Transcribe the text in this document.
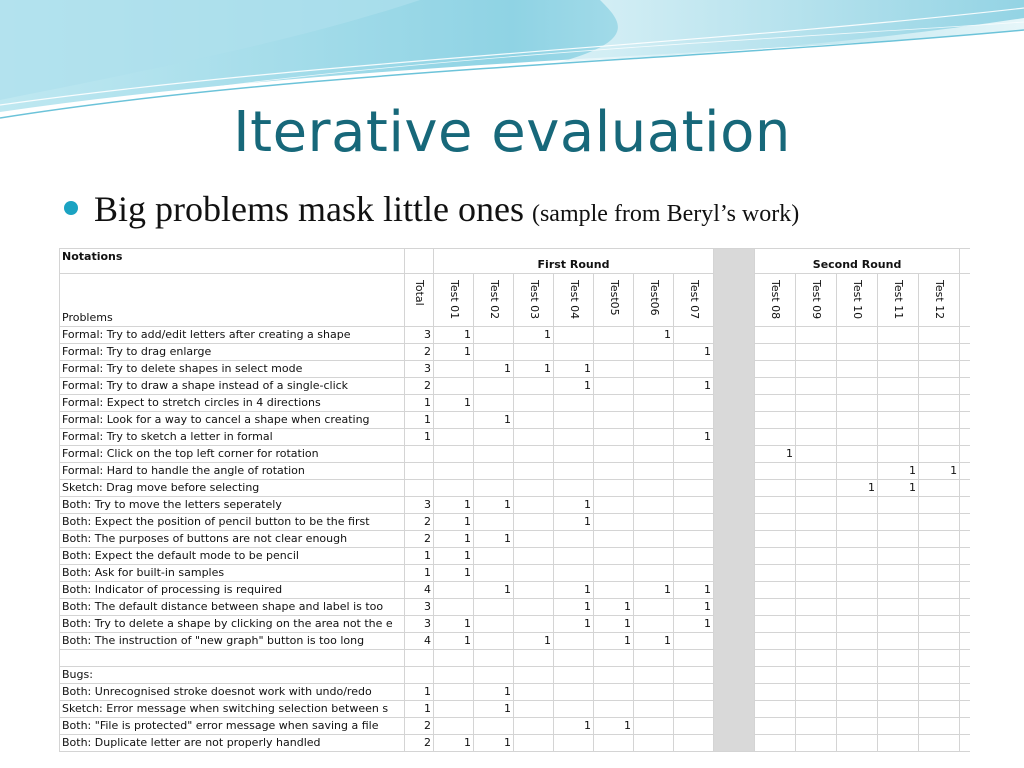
Iterative evaluation
Big problems mask little ones (sample from Beryl’s work)
Notations		First Round								Second Round					
Problems	Total	Test 01	Test 02	Test 03	Test 04	Test05	Test06	Test 07		Test 08	Test 09	Test 10	Test 11	Test 12	

Formal: Try to add/edit letters after creating a shape	3	1		1			1								
Formal: Try to drag enlarge	2	1						1							
Formal: Try to delete shapes in select mode	3		1	1	1										
Formal: Try to draw a shape instead of a single-click	2				1			1							
Formal: Expect to stretch circles in 4 directions	1	1													
Formal: Look for a way to cancel a shape when creating	1		1												
Formal: Try to sketch a letter in formal	1							1							
Formal: Click on the top left corner for rotation										1					
Formal: Hard to handle the angle of rotation													1	1	
Sketch: Drag move before selecting												1	1		
Both: Try to move the letters seperately	3	1	1		1										
Both: Expect the position of pencil button to be the first	2	1			1										
Both: The purposes of buttons are not clear enough	2	1	1												
Both: Expect the default mode to be pencil	1	1													
Both: Ask for built-in samples	1	1													
Both: Indicator of processing is required	4		1		1		1	1							
Both: The default distance between shape and label is too	3				1	1		1							
Both: Try to delete a shape by clicking on the area not the e	3	1			1	1		1							
Both: The instruction of "new graph" button is too long	4	1		1		1	1								

Bugs:															
Both: Unrecognised stroke doesnot work with undo/redo	1		1												
Sketch: Error message when switching selection between s	1		1												
Both: "File is protected" error message when saving a file	2				1	1									
Both: Duplicate letter are not properly handled	2	1	1												
